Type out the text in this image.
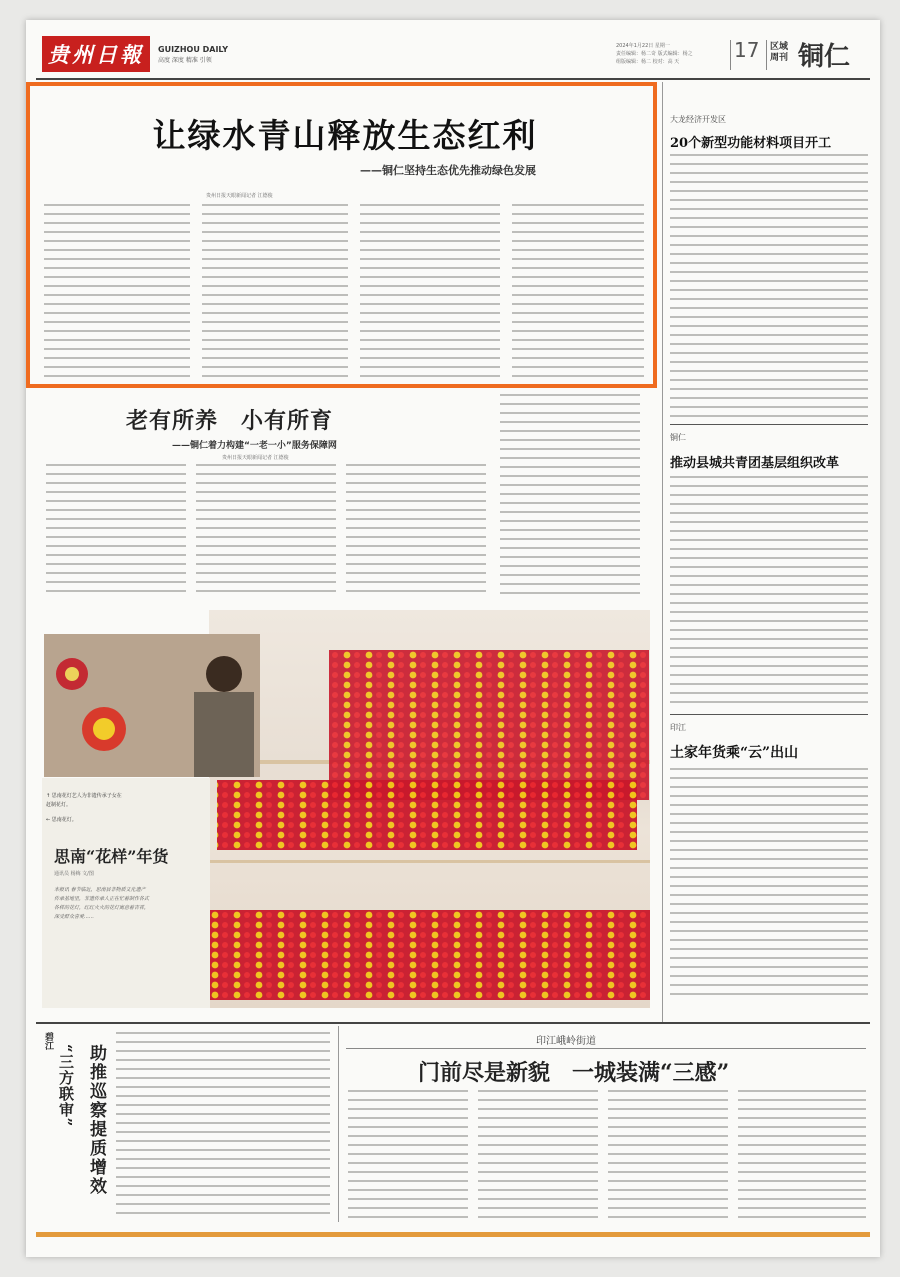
贵州日報	GUIZHOU DAILY
高度 深度 精准 引领
2024年1月22日 星期一
责任编辑：杨二奇 版式编辑：杨之
组版编辑：杨二 校对：高 天	17 区域周刊 铜仁
让绿水青山释放生态红利
——铜仁坚持生态优先推动绿色发展
贵州日报天眼新闻记者 江德俊
老有所养　小有所育
——铜仁着力构建“一老一小”服务保障网
贵州日报天眼新闻记者 江德俊
↑ 思南花灯艺人为非遗传承子女在
赶制花灯。
← 思南花灯。
思南“花样”年货
通讯员 杨梅 文/图
本报讯 春节临近，思南县非物质文化遗产
传承基地里，非遗传承人正在忙着制作各式
各样的花灯，红红火火的花灯寓意着吉祥，
深受群众喜爱……
大龙经济开发区
20个新型功能材料项目开工
铜仁
推动县城共青团基层组织改革
印江
土家年货乘“云”出山
碧江
助推巡察提质增效
“三方联审”
印江峨岭街道
门前尽是新貌　一城装满“三感”
